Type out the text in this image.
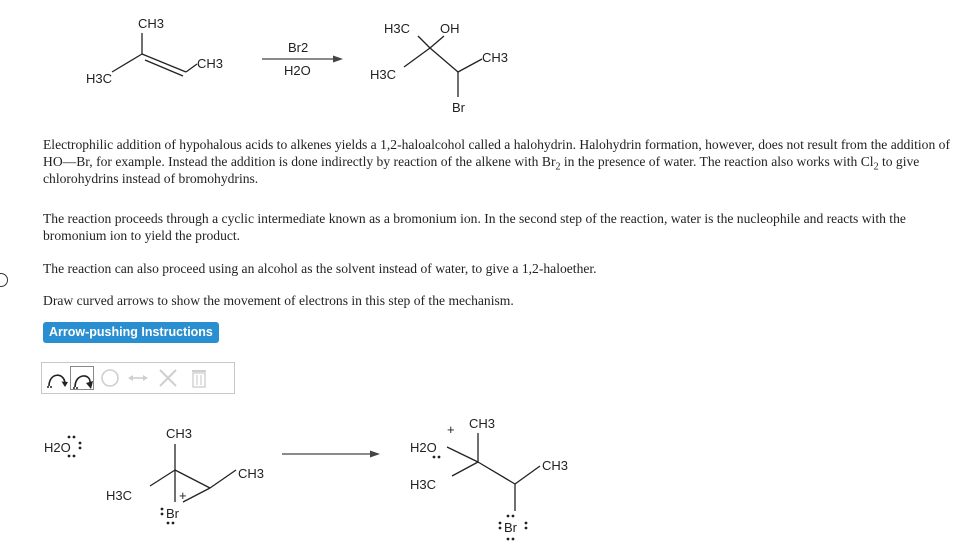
CH3
H3C
CH3
Br2
H2O
H3C OH
CH3
H3C
Br
H2O
CH3
CH3
H3C
Br
+
H2O
+ CH3
CH3
H3C
Br

Electrophilic addition of hypohalous acids to alkenes yields a 1,2-haloalcohol called a halohydrin. Halohydrin formation, however, does not result from the addition of HO—Br, for example. Instead the addition is done indirectly by reaction of the alkene with $Br_2$ in the presence of water. The reaction also works with $Cl_2$ to give chlorohydrins instead of bromohydrins.

The reaction proceeds through a cyclic intermediate known as a bromonium ion. In the second step of the reaction, water is the nucleophile and reacts with the bromonium ion to yield the product.

The reaction can also proceed using an alcohol as the solvent instead of water, to give a 1,2-haloether.

Draw curved arrows to show the movement of electrons in this step of the mechanism.

Arrow-pushing Instructions
